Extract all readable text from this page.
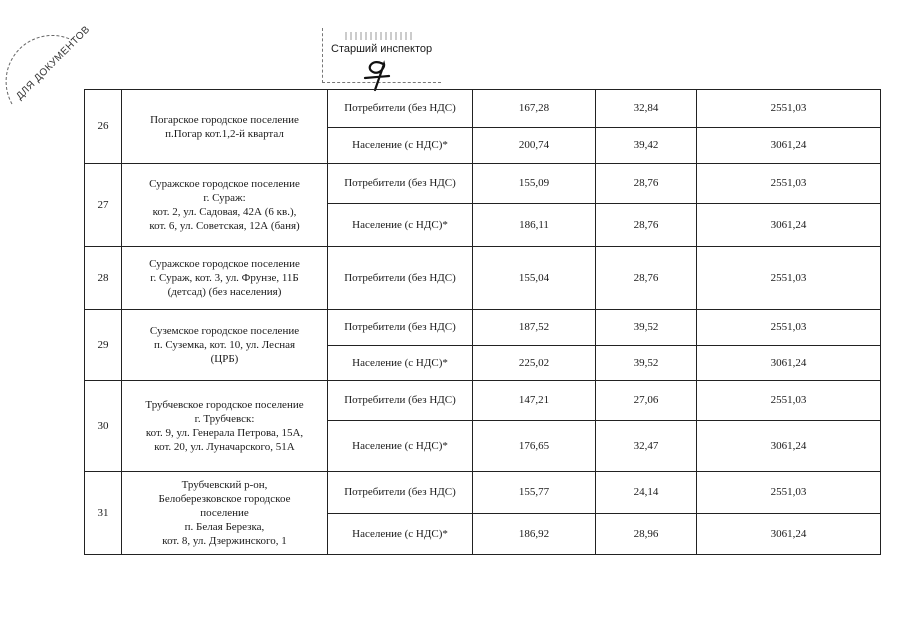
ДЛЯ ДОКУМЕНТОВ	Старший инспектор
26	Погарское городское поселение
п.Погар кот.1,2-й квартал	Потребители (без НДС)	167,28	32,84	2551,03
		Население (с НДС)*	200,74	39,42	3061,24
27	Суражское городское поселение
г. Сураж:
кот. 2, ул. Садовая, 42А (6 кв.),
кот. 6, ул. Советская, 12А (баня)	Потребители (без НДС)	155,09	28,76	2551,03
		Население (с НДС)*	186,11	28,76	3061,24
28	Суражское городское поселение
г. Сураж, кот. 3, ул. Фрунзе, 11Б
(детсад) (без населения)	Потребители (без НДС)	155,04	28,76	2551,03
29	Суземское городское поселение
п. Суземка, кот. 10, ул. Лесная
(ЦРБ)	Потребители (без НДС)	187,52	39,52	2551,03
		Население (с НДС)*	225,02	39,52	3061,24
30	Трубчевское городское поселение
г. Трубчевск:
кот. 9, ул. Генерала Петрова, 15А,
кот. 20, ул. Луначарского, 51А	Потребители (без НДС)	147,21	27,06	2551,03
		Население (с НДС)*	176,65	32,47	3061,24
31	Трубчевский р-он,
Белоберезковское городское
поселение
п. Белая Березка,
кот. 8, ул. Дзержинского, 1	Потребители (без НДС)	155,77	24,14	2551,03
		Население (с НДС)*	186,92	28,96	3061,24
